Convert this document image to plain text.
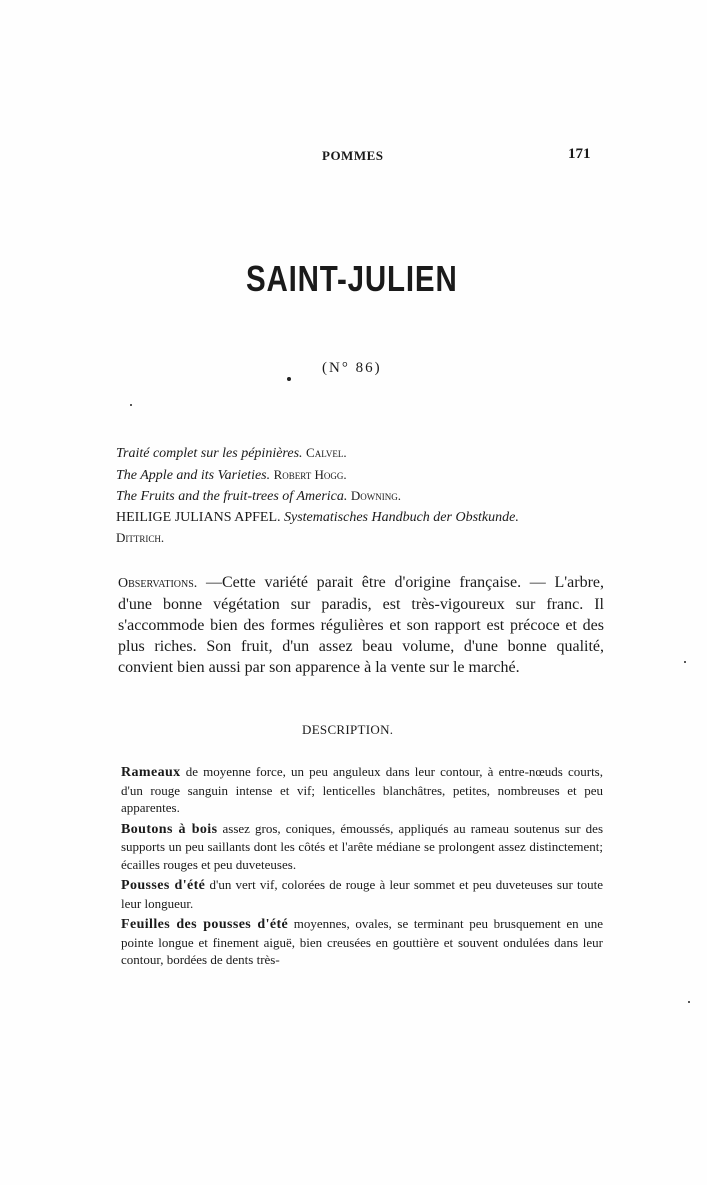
POMMES	171
SAINT-JULIEN
(N° 86)
Traité complet sur les pépinières. Calvel.
The Apple and its Varieties. Robert Hogg.
The Fruits and the fruit-trees of America. Downing.
HEILIGE JULIANS APFEL. Systematisches Handbuch der Obstkunde.
Dittrich.
Observations. —Cette variété parait être d'origine française. — L'arbre, d'une bonne végétation sur paradis, est très-vigoureux sur franc. Il s'accommode bien des formes régulières et son rapport est précoce et des plus riches. Son fruit, d'un assez beau volume, d'une bonne qualité, convient bien aussi par son apparence à la vente sur le marché.
DESCRIPTION.

Rameaux de moyenne force, un peu anguleux dans leur contour, à entre-nœuds courts, d'un rouge sanguin intense et vif; lenticelles blanchâtres, petites, nombreuses et peu apparentes.

Boutons à bois assez gros, coniques, émoussés, appliqués au rameau soutenus sur des supports un peu saillants dont les côtés et l'arête médiane se prolongent assez distinctement; écailles rouges et peu duveteuses.

Pousses d'été d'un vert vif, colorées de rouge à leur sommet et peu duveteuses sur toute leur longueur.

Feuilles des pousses d'été moyennes, ovales, se terminant peu brusquement en une pointe longue et finement aiguë, bien creusées en gouttière et souvent ondulées dans leur contour, bordées de dents très-
